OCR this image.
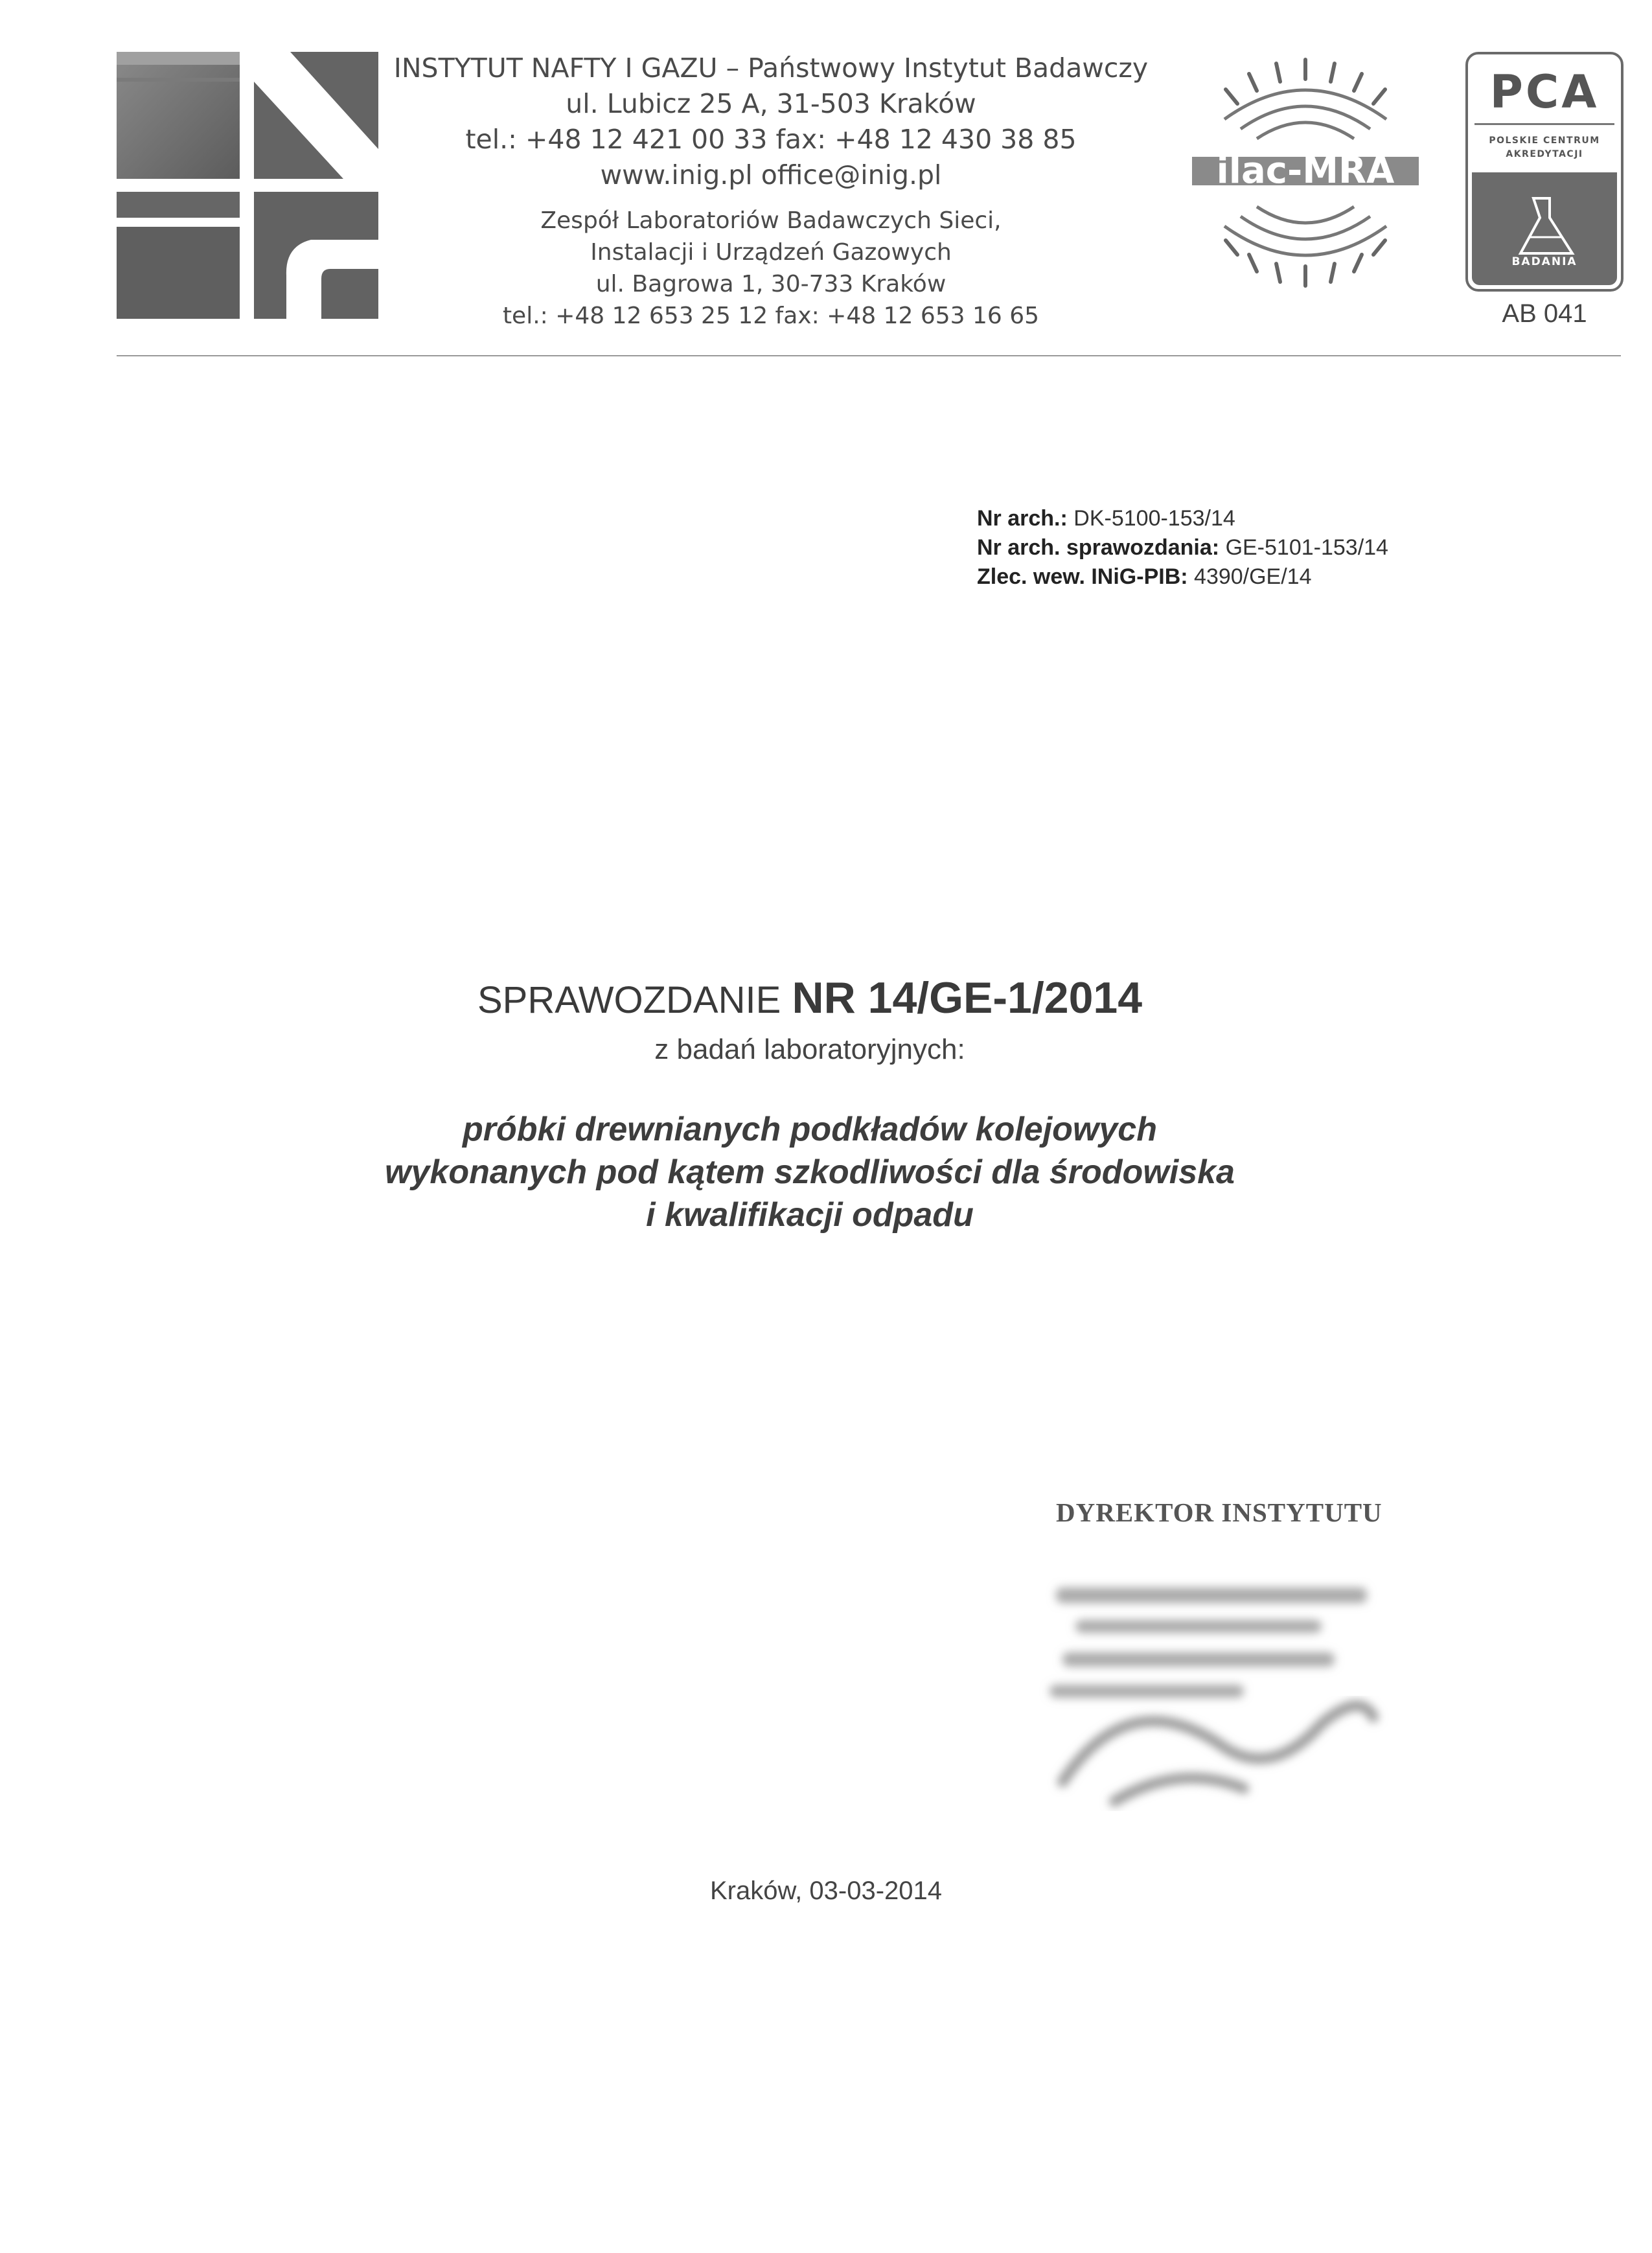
INSTYTUT NAFTY I GAZU – Państwowy Instytut Badawczy
ul. Lubicz 25 A, 31-503 Kraków
tel.: +48 12 421 00 33 fax: +48 12 430 38 85
www.inig.pl office@inig.pl
Zespół Laboratoriów Badawczych Sieci,
Instalacji i Urządzeń Gazowych
ul. Bagrowa 1, 30-733 Kraków
tel.: +48 12 653 25 12 fax: +48 12 653 16 65
ilac-MRA
PCA
POLSKIE CENTRUM
AKREDYTACJI
BADANIA
AB 041
Nr arch.: DK-5100-153/14
Nr arch. sprawozdania: GE-5101-153/14
Zlec. wew. INiG-PIB: 4390/GE/14
SPRAWOZDANIE NR 14/GE-1/2014
z badań laboratoryjnych:
próbki drewnianych podkładów kolejowych
wykonanych pod kątem szkodliwości dla środowiska
i kwalifikacji odpadu
DYREKTOR INSTYTUTU
Kraków, 03-03-2014
